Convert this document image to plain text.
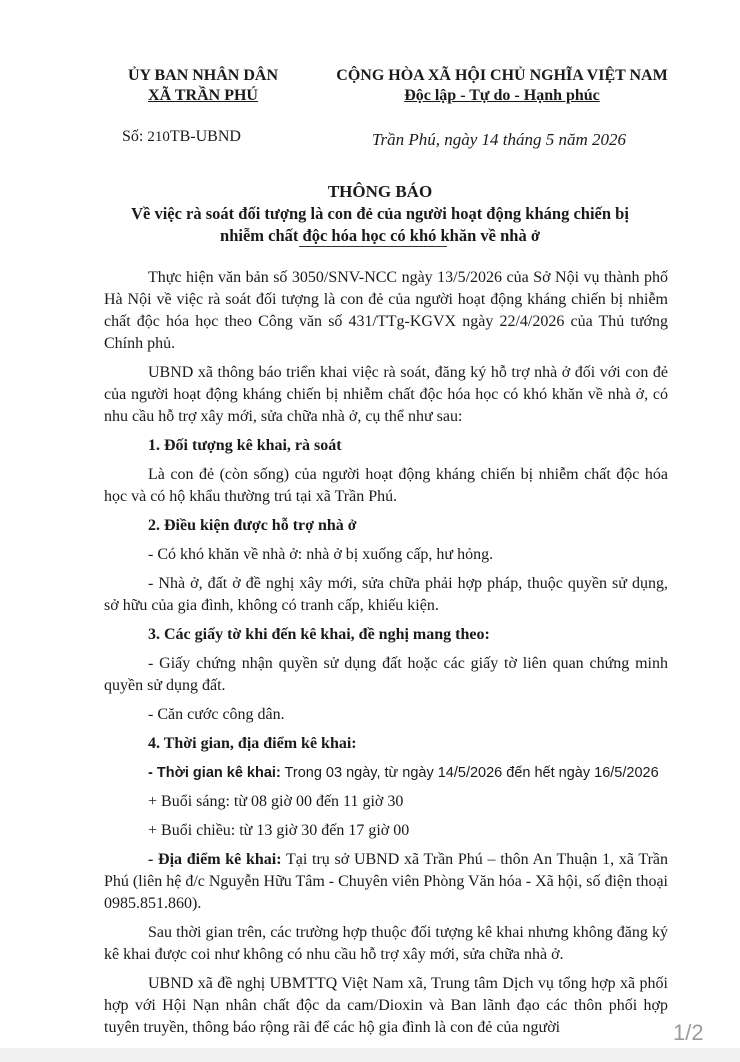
ỦY BAN NHÂN DÂN
XÃ TRẦN PHÚ
CỘNG HÒA XÃ HỘI CHỦ NGHĨA VIỆT NAM
Độc lập - Tự do - Hạnh phúc
Số: 210TB-UBND	Trần Phú, ngày 14 tháng 5 năm 2026
THÔNG BÁO
Về việc rà soát đối tượng là con đẻ của người hoạt động kháng chiến bị
nhiễm chất độc hóa học có khó khăn về nhà ở

Thực hiện văn bản số 3050/SNV-NCC ngày 13/5/2026 của Sở Nội vụ thành phố Hà Nội về việc rà soát đối tượng là con đẻ của người hoạt động kháng chiến bị nhiễm chất độc hóa học theo Công văn số 431/TTg-KGVX ngày 22/4/2026 của Thủ tướng Chính phủ.

UBND xã thông báo triển khai việc rà soát, đăng ký hỗ trợ nhà ở đối với con đẻ của người hoạt động kháng chiến bị nhiễm chất độc hóa học có khó khăn về nhà ở, có nhu cầu hỗ trợ xây mới, sửa chữa nhà ở, cụ thể như sau:

1. Đối tượng kê khai, rà soát

Là con đẻ (còn sống) của người hoạt động kháng chiến bị nhiễm chất độc hóa học và có hộ khẩu thường trú tại xã Trần Phú.

2. Điều kiện được hỗ trợ nhà ở

- Có khó khăn về nhà ở: nhà ở bị xuống cấp, hư hỏng.

- Nhà ở, đất ở đề nghị xây mới, sửa chữa phải hợp pháp, thuộc quyền sử dụng, sở hữu của gia đình, không có tranh cấp, khiếu kiện.

3. Các giấy tờ khi đến kê khai, đề nghị mang theo:

- Giấy chứng nhận quyền sử dụng đất hoặc các giấy tờ liên quan chứng minh quyền sử dụng đất.

- Căn cước công dân.

4. Thời gian, địa điểm kê khai:

- Thời gian kê khai: Trong 03 ngày, từ ngày 14/5/2026 đến hết ngày 16/5/2026

+ Buổi sáng: từ 08 giờ 00 đến 11 giờ 30

+ Buổi chiều: từ 13 giờ 30 đến 17 giờ 00

- Địa điểm kê khai: Tại trụ sở UBND xã Trần Phú – thôn An Thuận 1, xã Trần Phú (liên hệ đ/c Nguyễn Hữu Tâm - Chuyên viên Phòng Văn hóa - Xã hội, số điện thoại 0985.851.860).

Sau thời gian trên, các trường hợp thuộc đối tượng kê khai nhưng không đăng ký kê khai được coi như không có nhu cầu hỗ trợ xây mới, sửa chữa nhà ở.

UBND xã đề nghị UBMTTQ Việt Nam xã, Trung tâm Dịch vụ tổng hợp xã phối hợp với Hội Nạn nhân chất độc da cam/Dioxin và Ban lãnh đạo các thôn phối hợp tuyên truyền, thông báo rộng rãi để các hộ gia đình là con đẻ của người	1/2
